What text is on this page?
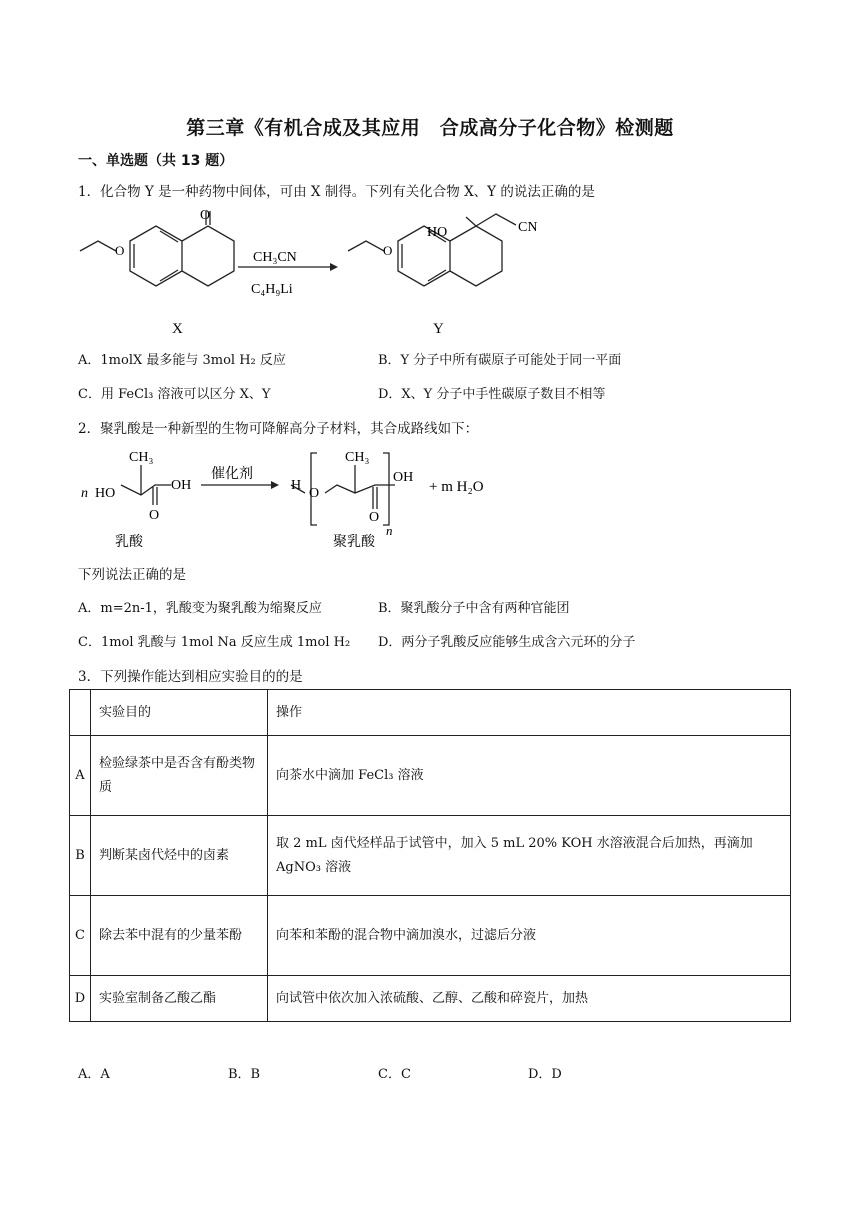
第三章《有机合成及其应用　合成高分子化合物》检测题
一、单选题（共 13 题）
1．化合物 Y 是一种药物中间体，可由 X 制得。下列有关化合物 X、Y 的说法正确的是
O
O
CH₃CN
C₄H₉Li
O
HO	CN
X	Y
A．1molX 最多能与 3mol H₂ 反应	B．Y 分子中所有碳原子可能处于同一平面
C．用 FeCl₃ 溶液可以区分 X、Y	D．X、Y 分子中手性碳原子数目不相等
2．聚乳酸是一种新型的生物可降解高分子材料，其合成路线如下：
n HO
CH₃
OH
O
催化剂
H
O
CH₃
O
OH
n
+ m H₂O
乳酸	聚乳酸
下列说法正确的是
A．m=2n-1，乳酸变为聚乳酸为缩聚反应	B．聚乳酸分子中含有两种官能团
C．1mol 乳酸与 1mol Na 反应生成 1mol H₂ D．两分子乳酸反应能够生成含六元环的分子
3．下列操作能达到相应实验目的的是
	实验目的	操作
A	检验绿茶中是否含有酚类物质	向茶水中滴加 FeCl₃ 溶液
B	判断某卤代烃中的卤素	取 2 mL 卤代烃样品于试管中，加入 5 mL 20% KOH 水溶液混合后加热，再滴加 AgNO₃ 溶液
C	除去苯中混有的少量苯酚	向苯和苯酚的混合物中滴加溴水，过滤后分液
D	实验室制备乙酸乙酯	向试管中依次加入浓硫酸、乙醇、乙酸和碎瓷片，加热
A．A	B．B	C．C	D．D
